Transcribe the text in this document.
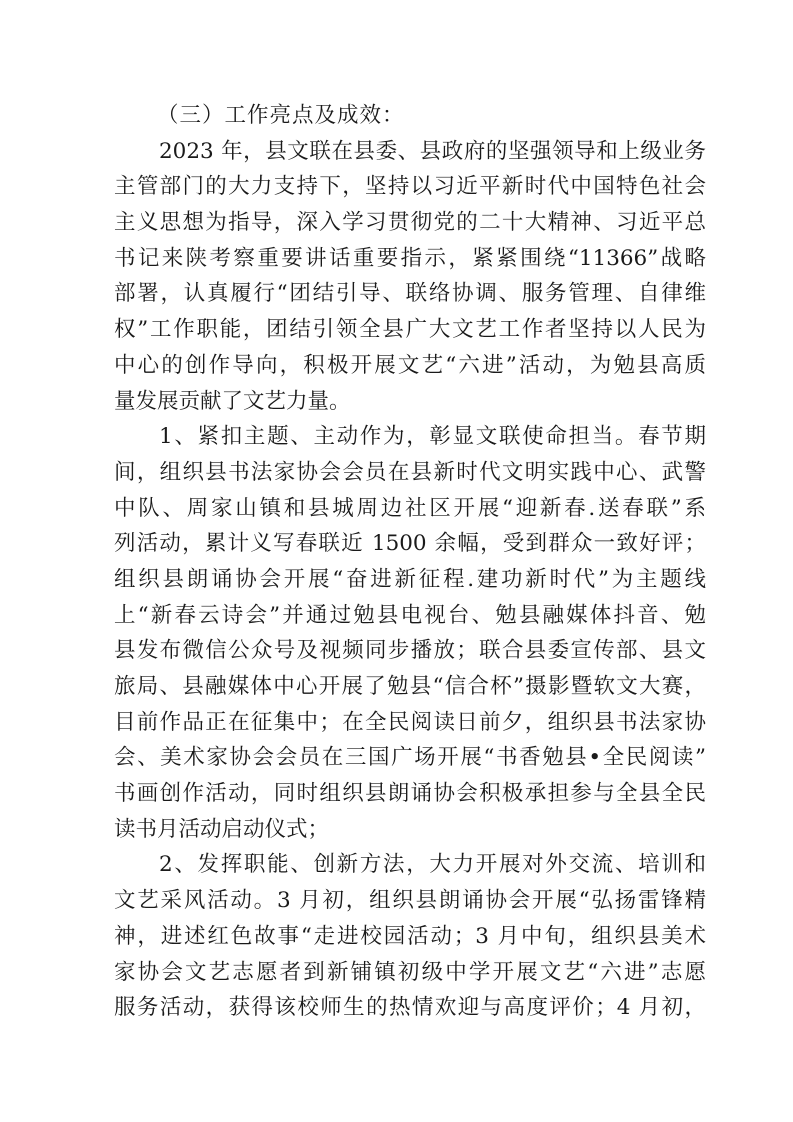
（三）工作亮点及成效：
2023 年，县文联在县委、县政府的坚强领导和上级业务
主管部门的大力支持下，坚持以习近平新时代中国特色社会
主义思想为指导，深入学习贯彻党的二十大精神、习近平总
书记来陕考察重要讲话重要指示，紧紧围绕“11366”战略
部署，认真履行“团结引导、联络协调、服务管理、自律维
权”工作职能，团结引领全县广大文艺工作者坚持以人民为
中心的创作导向，积极开展文艺“六进”活动，为勉县高质
量发展贡献了文艺力量。
1、紧扣主题、主动作为，彰显文联使命担当。春节期
间，组织县书法家协会会员在县新时代文明实践中心、武警
中队、周家山镇和县城周边社区开展“迎新春.送春联”系
列活动，累计义写春联近 1500 余幅，受到群众一致好评；
组织县朗诵协会开展“奋进新征程.建功新时代”为主题线
上“新春云诗会”并通过勉县电视台、勉县融媒体抖音、勉
县发布微信公众号及视频同步播放；联合县委宣传部、县文
旅局、县融媒体中心开展了勉县“信合杯”摄影暨软文大赛，
目前作品正在征集中；在全民阅读日前夕，组织县书法家协
会、美术家协会会员在三国广场开展“书香勉县•全民阅读”
书画创作活动，同时组织县朗诵协会积极承担参与全县全民
读书月活动启动仪式；
2、发挥职能、创新方法，大力开展对外交流、培训和
文艺采风活动。3 月初，组织县朗诵协会开展“弘扬雷锋精
神，进述红色故事“走进校园活动；3 月中旬，组织县美术
家协会文艺志愿者到新铺镇初级中学开展文艺“六进”志愿
服务活动，获得该校师生的热情欢迎与高度评价；4 月初，
